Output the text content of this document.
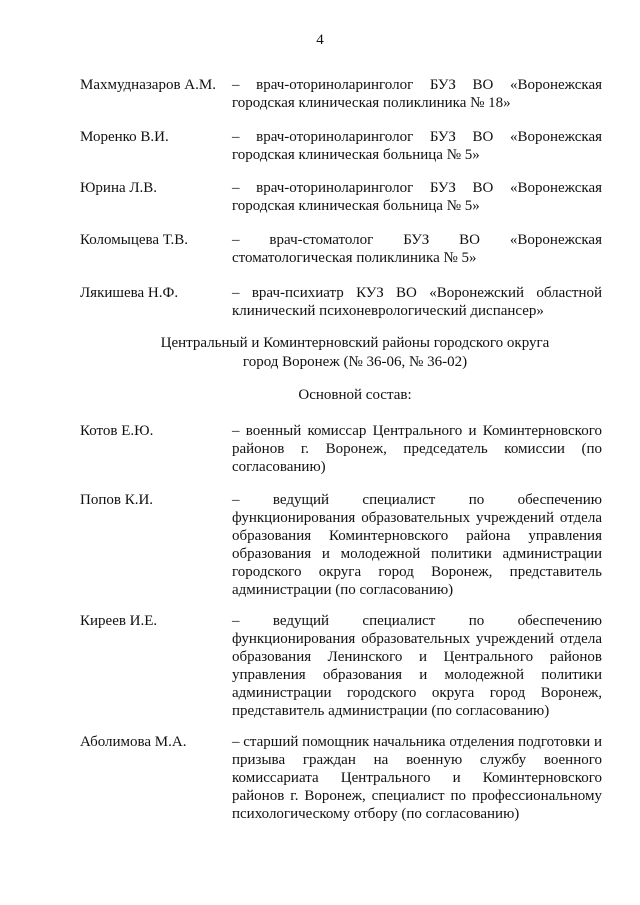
4
Махмудназаров А.М.	– врач-оториноларинголог БУЗ ВО «Воронежская городская клиническая поликлиника № 18»
Моренко В.И.	– врач-оториноларинголог БУЗ ВО «Воронежская городская клиническая больница № 5»
Юрина Л.В.	– врач-оториноларинголог БУЗ ВО «Воронежская городская клиническая больница № 5»
Коломыцева Т.В.	– врач-стоматолог БУЗ ВО «Воронежская стоматологическая поликлиника № 5»
Лякишева Н.Ф.	– врач-психиатр КУЗ ВО «Воронежский областной клинический психоневрологический диспансер»
Центральный и Коминтерновский районы городского округа
город Воронеж (№ 36-06, № 36-02)
Основной состав:
Котов Е.Ю.	– военный комиссар Центрального и Коминтерновского районов г. Воронеж, председатель комиссии (по согласованию)
Попов К.И.	– ведущий специалист по обеспечению функционирования образовательных учреждений отдела образования Коминтерновского района управления образования и молодежной политики администрации городского округа город Воронеж, представитель администрации (по согласованию)
Киреев И.Е.	– ведущий специалист по обеспечению функционирования образовательных учреждений отдела образования Ленинского и Центрального районов управления образования и молодежной политики администрации городского округа город Воронеж, представитель администрации (по согласованию)
Аболимова М.А.	– старший помощник начальника отделения подготовки и призыва граждан на военную службу военного комиссариата Центрального и Коминтерновского районов г. Воронеж, специалист по профессиональному психологическому отбору (по согласованию)
